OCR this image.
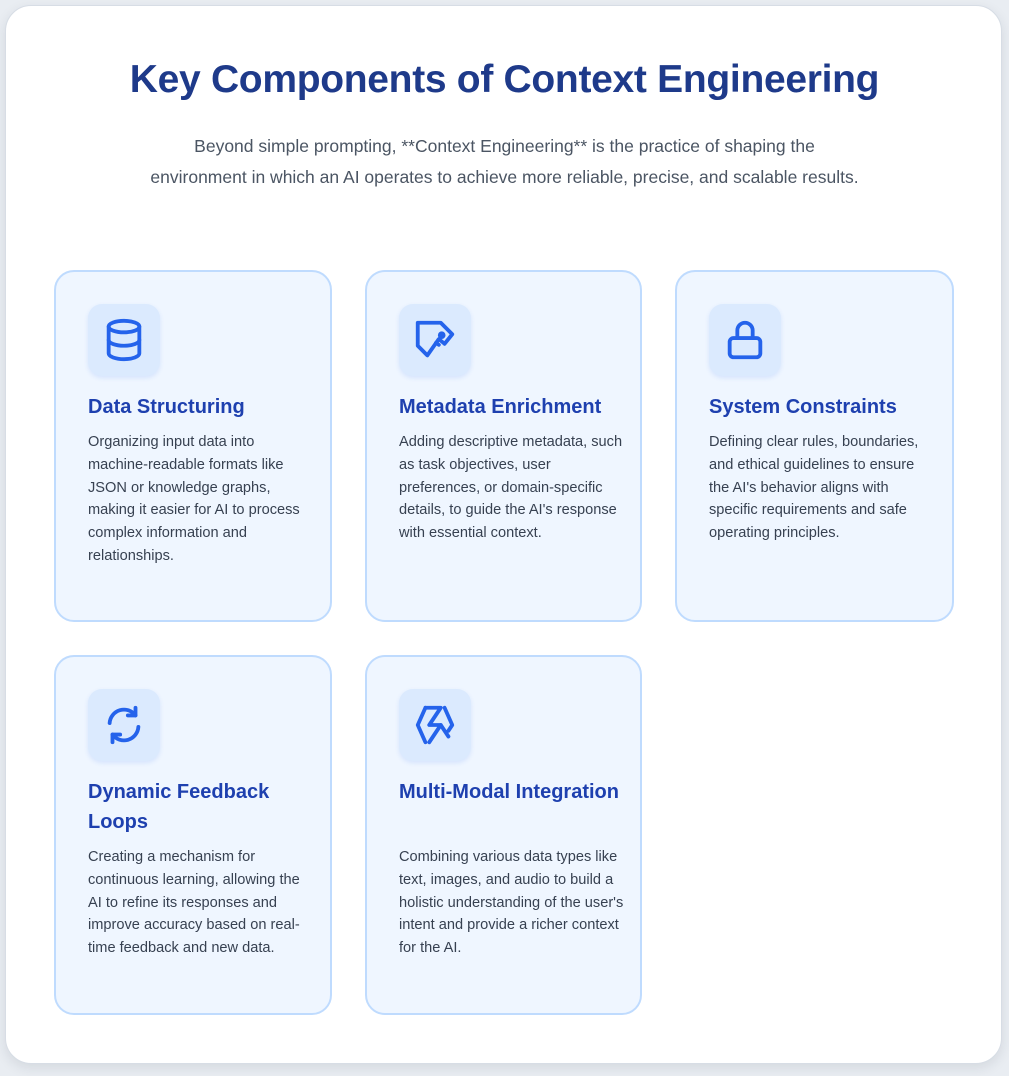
Key Components of Context Engineering

Beyond simple prompting, **Context Engineering** is the practice of shaping the environment in which an AI operates to achieve more reliable, precise, and scalable results.

Data Structuring
Organizing input data into machine-readable formats like JSON or knowledge graphs, making it easier for AI to process complex information and relationships.
Metadata Enrichment
Adding descriptive metadata, such as task objectives, user preferences, or domain-specific details, to guide the AI's response with essential context.
System Constraints
Defining clear rules, boundaries, and ethical guidelines to ensure the AI's behavior aligns with specific requirements and safe operating principles.
Dynamic Feedback Loops
Creating a mechanism for continuous learning, allowing the AI to refine its responses and improve accuracy based on real-time feedback and new data.
Multi-Modal Integration
Combining various data types like text, images, and audio to build a holistic understanding of the user's intent and provide a richer context for the AI.
